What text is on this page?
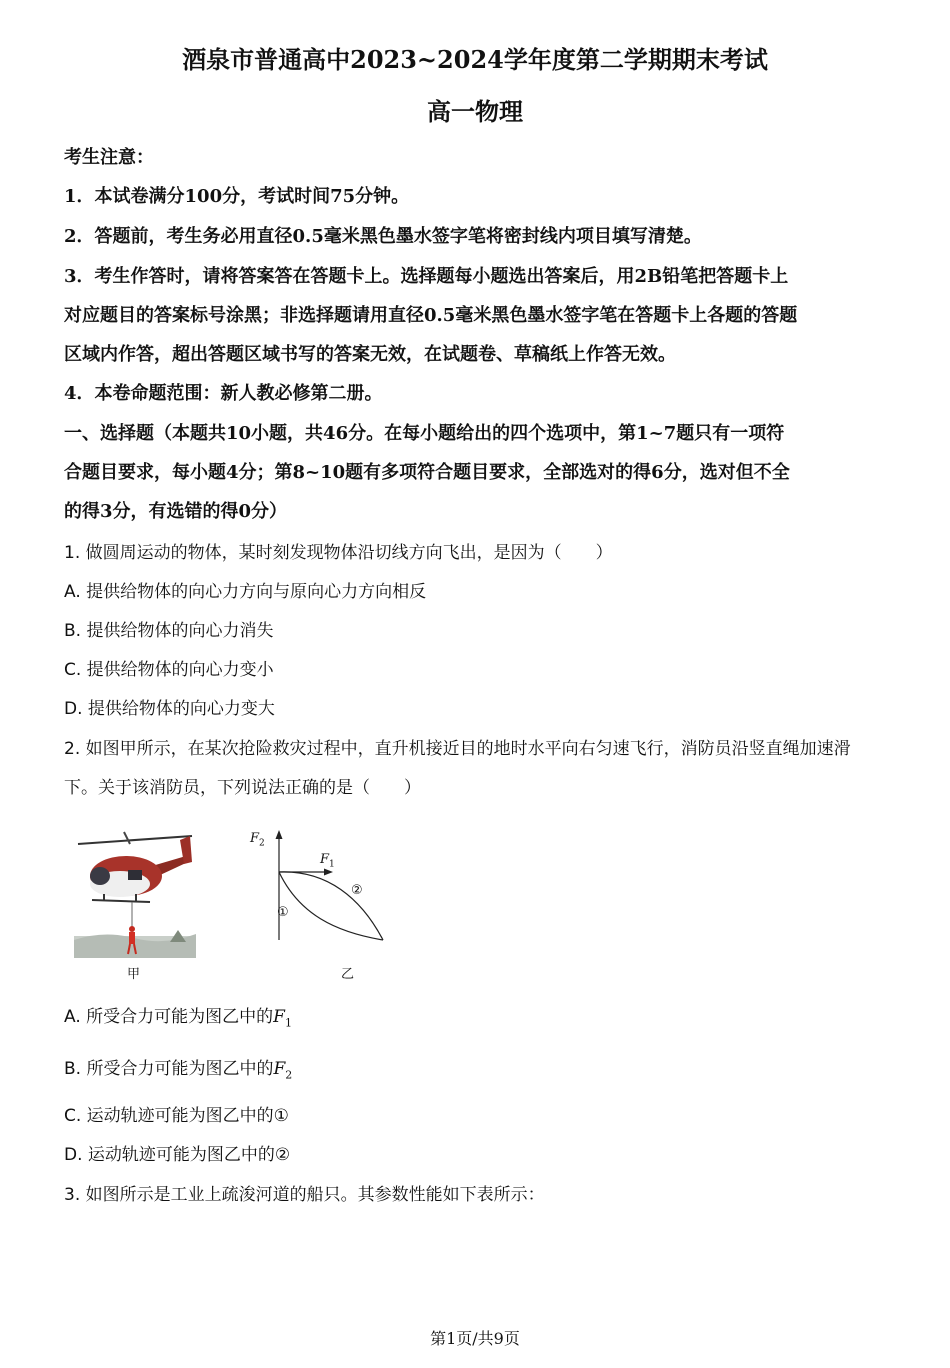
酒泉市普通高中2023~2024学年度第二学期期末考试
高一物理
考生注意：
1．本试卷满分100分，考试时间75分钟。
2．答题前，考生务必用直径0.5毫米黑色墨水签字笔将密封线内项目填写清楚。
3．考生作答时，请将答案答在答题卡上。选择题每小题选出答案后，用2B铅笔把答题卡上
对应题目的答案标号涂黑；非选择题请用直径0.5毫米黑色墨水签字笔在答题卡上各题的答题
区域内作答，超出答题区域书写的答案无效，在试题卷、草稿纸上作答无效。
4．本卷命题范围：新人教必修第二册。
一、选择题（本题共10小题，共46分。在每小题给出的四个选项中，第1~7题只有一项符
合题目要求，每小题4分；第8~10题有多项符合题目要求，全部选对的得6分，选对但不全
的得3分，有选错的得0分）
1. 做圆周运动的物体，某时刻发现物体沿切线方向飞出，是因为（　　）
A. 提供给物体的向心力方向与原向心力方向相反
B. 提供给物体的向心力消失
C. 提供给物体的向心力变小
D. 提供给物体的向心力变大
2. 如图甲所示，在某次抢险救灾过程中，直升机接近目的地时水平向右匀速飞行，消防员沿竖直绳加速滑
下。关于该消防员，下列说法正确的是（　　）
甲
$F_2$
$F_1$
①
②
乙
A. 所受合力可能为图乙中的$F_1$
B. 所受合力可能为图乙中的$F_2$
C. 运动轨迹可能为图乙中的①
D. 运动轨迹可能为图乙中的②
3. 如图所示是工业上疏浚河道的船只。其参数性能如下表所示：
第1页/共9页
